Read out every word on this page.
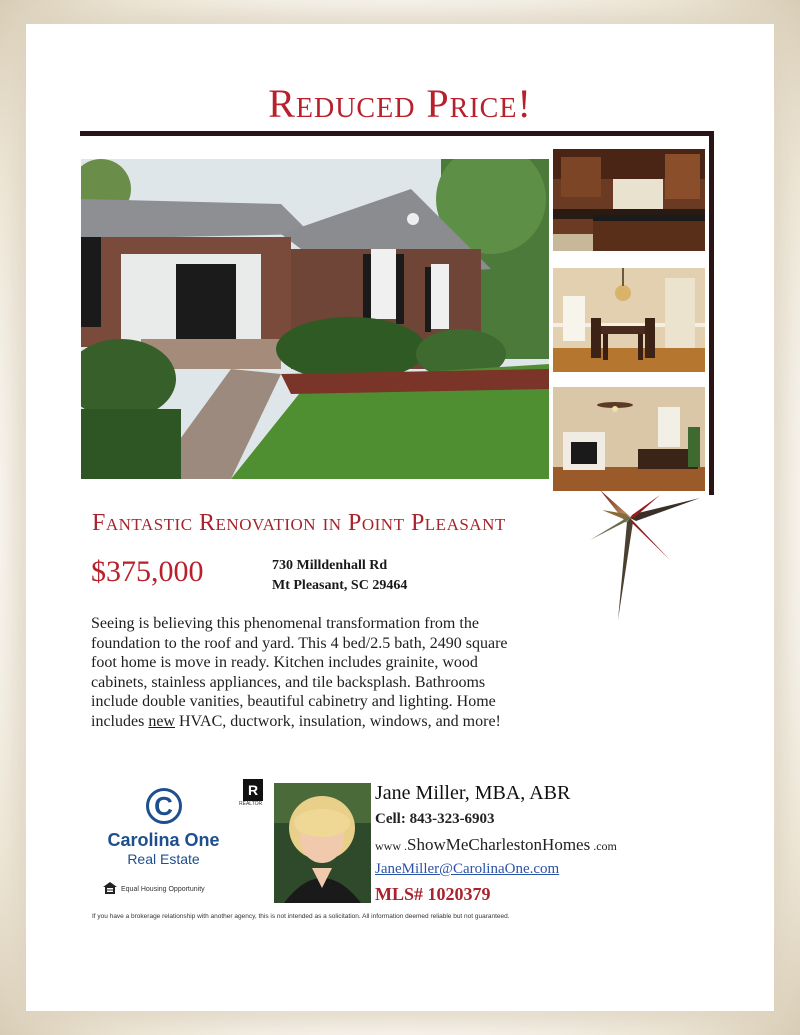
Reduced Price!
Fantastic Renovation in Point Pleasant
$375,000	730 Milldenhall Rd
Mt Pleasant, SC 29464
Seeing is believing this phenomenal transformation from the foundation to the roof and yard. This 4 bed/2.5 bath, 2490 square foot home is move in ready. Kitchen includes grainite, wood cabinets, stainless appliances, and tile backsplash. Bathrooms include double vanities, beautiful cabinetry and lighting. Home includes new HVAC, ductwork, insulation, windows, and more!
C
Carolina One
Real Estate
Equal Housing Opportunity
R
REALTOR	Jane Miller, MBA, ABR
Cell: 843-323-6903
www .ShowMeCharlestonHomes .com
JaneMiller@CarolinaOne.com
MLS# 1020379
If you have a brokerage relationship with another agency, this is not intended as a solicitation. All information deemed reliable but not guaranteed.
